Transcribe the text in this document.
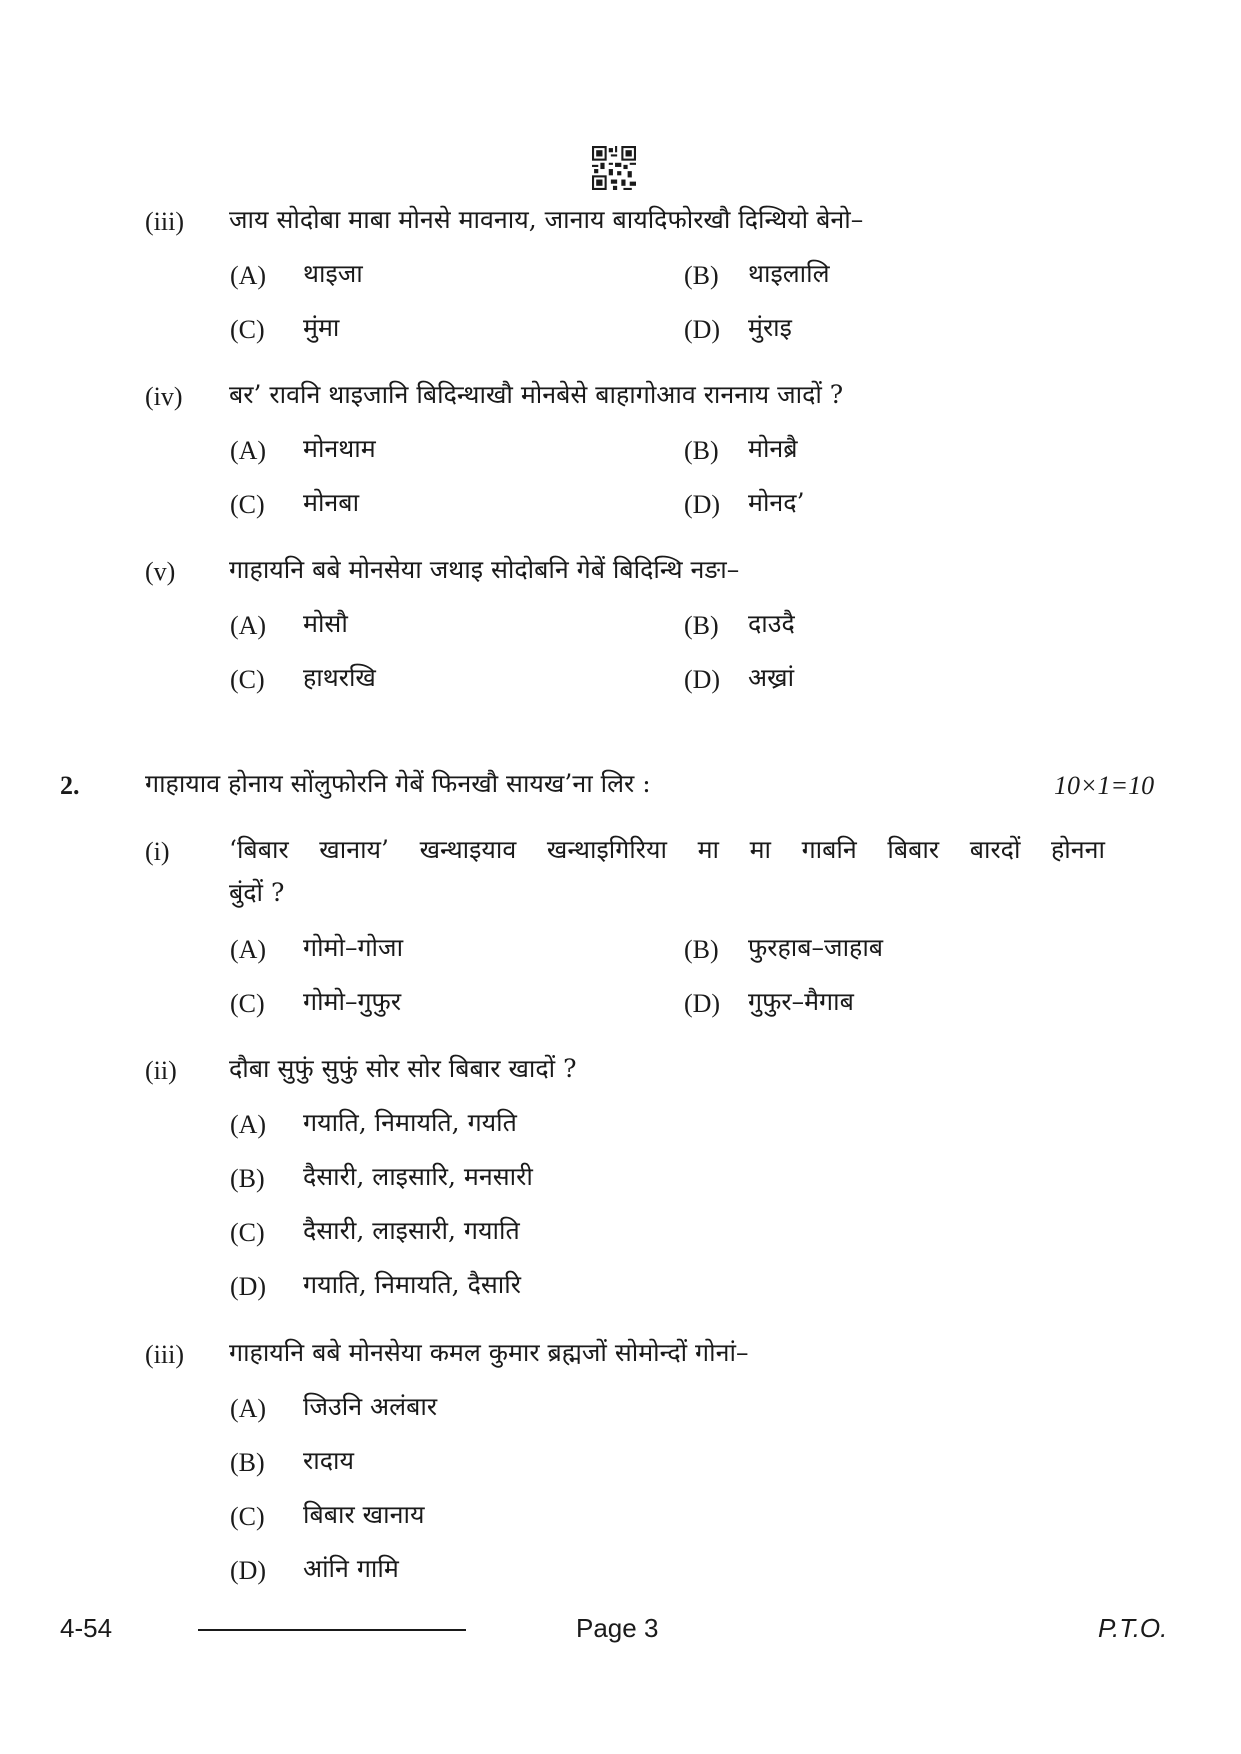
(iii) जाय सोदोबा माबा मोनसे मावनाय, जानाय बायदिफोरखौ दिन्थियो बेनो–
(A) थाइजा	(B) थाइलालि
(C) मुंमा	(D) मुंराइ
(iv) बर’ रावनि थाइजानि बिदिन्थाखौ मोनबेसे बाहागोआव राननाय जादों ?
(A) मोनथाम	(B) मोनब्रै
(C) मोनबा	(D) मोनद’
(v) गाहायनि बबे मोनसेया जथाइ सोदोबनि गेबें बिदिन्थि नङा–
(A) मोसौ	(B) दाउदै
(C) हाथरखि	(D) अख्रां
2.	गाहायाव होनाय सोंलुफोरनि गेबें फिनखौ सायख’ना लिर :	10×1=10
(i) ‘बिबार खानाय’ खन्थाइयाव खन्थाइगिरिया मा मा गाबनि बिबार बारदों होनना
बुंदों ?
(A) गोमो–गोजा	(B) फुरहाब–जाहाब
(C) गोमो–गुफुर	(D) गुफुर–मैगाब
(ii) दौबा सुफुं सुफुं सोर सोर बिबार खादों ?
(A) गयाति, निमायति, गयति
(B) दैसारी, लाइसारि, मनसारी
(C) दैसारी, लाइसारी, गयाति
(D) गयाति, निमायति, दैसारि
(iii) गाहायनि बबे मोनसेया कमल कुमार ब्रह्मजों सोमोन्दों गोनां–
(A) जिउनि अलंबार
(B) रादाय
(C) बिबार खानाय
(D) आंनि गामि
4-54	Page 3	P.T.O.
